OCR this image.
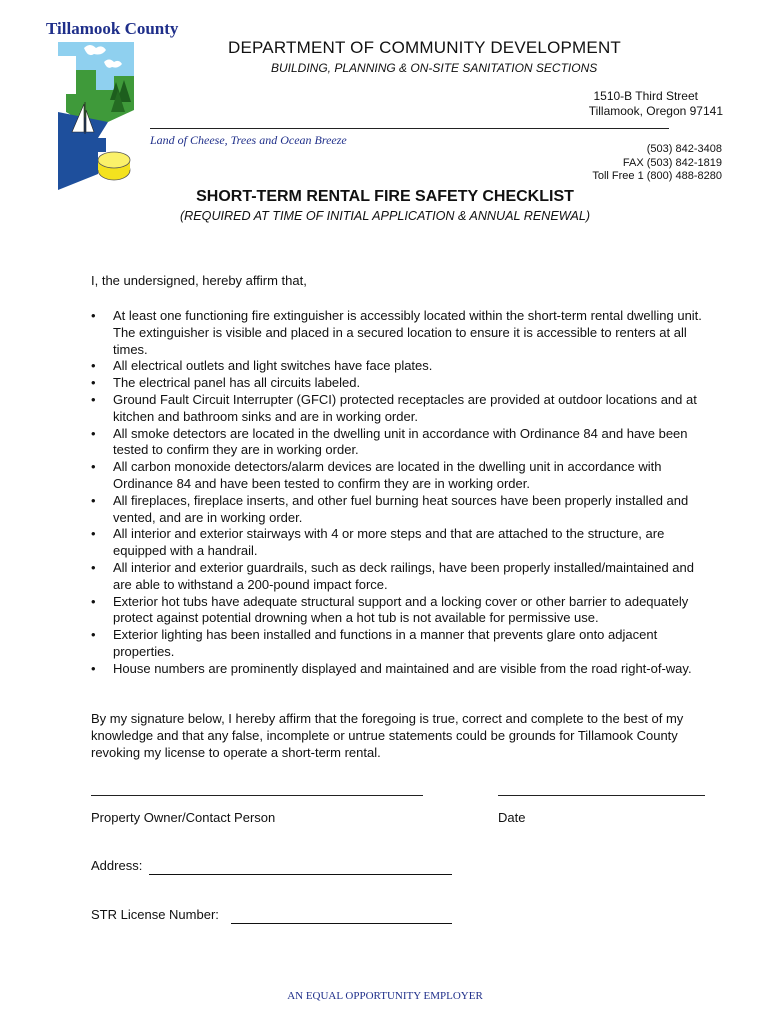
Tillamook County
DEPARTMENT OF COMMUNITY DEVELOPMENT
BUILDING, PLANNING & ON-SITE SANITATION SECTIONS
1510-B Third Street
Tillamook, Oregon 97141
Land of Cheese, Trees and Ocean Breeze
(503) 842-3408
FAX (503) 842-1819
Toll Free 1 (800) 488-8280
SHORT-TERM RENTAL FIRE SAFETY CHECKLIST
(REQUIRED AT TIME OF INITIAL APPLICATION & ANNUAL RENEWAL)
I, the undersigned, hereby affirm that,
• At least one functioning fire extinguisher is accessibly located within the short-term rental dwelling unit. The extinguisher is visible and placed in a secured location to ensure it is accessible to renters at all times.
• All electrical outlets and light switches have face plates.
• The electrical panel has all circuits labeled.
• Ground Fault Circuit Interrupter (GFCI) protected receptacles are provided at outdoor locations and at kitchen and bathroom sinks and are in working order.
• All smoke detectors are located in the dwelling unit in accordance with Ordinance 84 and have been tested to confirm they are in working order.
• All carbon monoxide detectors/alarm devices are located in the dwelling unit in accordance with Ordinance 84 and have been tested to confirm they are in working order.
• All fireplaces, fireplace inserts, and other fuel burning heat sources have been properly installed and vented, and are in working order.
• All interior and exterior stairways with 4 or more steps and that are attached to the structure, are equipped with a handrail.
• All interior and exterior guardrails, such as deck railings, have been properly installed/maintained and are able to withstand a 200-pound impact force.
• Exterior hot tubs have adequate structural support and a locking cover or other barrier to adequately protect against potential drowning when a hot tub is not available for permissive use.
• Exterior lighting has been installed and functions in a manner that prevents glare onto adjacent properties.
• House numbers are prominently displayed and maintained and are visible from the road right-of-way.
By my signature below, I hereby affirm that the foregoing is true, correct and complete to the best of my knowledge and that any false, incomplete or untrue statements could be grounds for Tillamook County revoking my license to operate a short-term rental.
Property Owner/Contact Person	Date
Address:
STR License Number:
AN EQUAL OPPORTUNITY EMPLOYER
